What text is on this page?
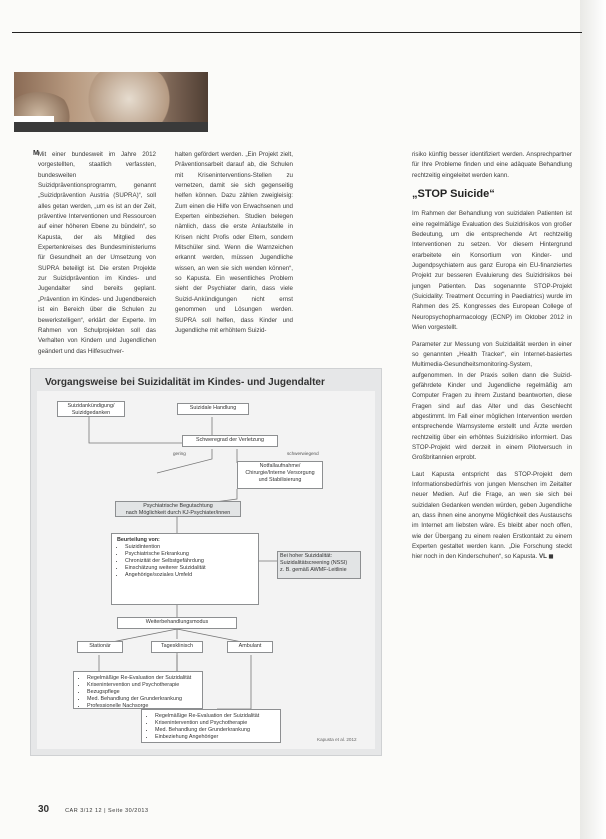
M Mit einer bundesweit im Jahre 2012 vorgestellten, staatlich verfassten, bundesweiten Suizidpräventionsprogramm, genannt „Suizidprävention Austria (SUPRA)“, soll alles getan werden, „um es ist an der Zeit, präventive Interventionen und Ressourcen auf einer höheren Ebene zu bündeln“, so Kapusta, der als Mitglied des Expertenkreises des Bundesministeriums für Gesundheit an der Umsetzung von SUPRA beteiligt ist. Die ersten Projekte zur Suizidprävention im Kindes- und Jugendalter sind bereits geplant. „Prävention im Kindes- und Jugendbereich ist ein Bereich über die Schulen zu bewerkstelligen“, erklärt der Experte. Im Rahmen von Schulprojekten soll das Verhalten von Kindern und Jugendlichen geändert und das Hilfesuchver-

halten gefördert werden. „Ein Projekt zielt, Präventionsarbeit darauf ab, die Schulen mit Kriseninterventions-Stellen zu vernetzen, damit sie sich gegenseitig helfen können. Dazu zählen zweigleisig: Zum einen die Hilfe von Erwachsenen und Experten einbeziehen. Studien belegen nämlich, dass die erste Anlaufstelle in Krisen nicht Profis oder Eltern, sondern Mitschüler sind. Wenn die Warnzeichen erkannt werden, müssen Jugendliche wissen, an wen sie sich wenden können“, so Kapusta. Ein wesentliches Problem sieht der Psychiater darin, dass viele Suizid-Ankündigungen nicht ernst genommen und Lösungen werden. SUPRA soll helfen, dass Kinder und Jugendliche mit erhöhtem Suizid-

risiko künftig besser identifiziert werden. Ansprechpartner für Ihre Probleme finden und eine adäquate Behandlung rechtzeitig eingeleitet werden kann.

„STOP Suicide“

Im Rahmen der Behandlung von suizidalen Patienten ist eine regelmäßige Evaluation des Suizidrisikos von großer Bedeutung, um die entsprechende Art rechtzeitig Interventionen zu setzen. Vor diesem Hintergrund erarbeitete ein Konsortium von Kinder- und Jugendpsychiatern aus ganz Europa ein EU-finanziertes Projekt zur besseren Evaluierung des Suizidrisikos bei jungen Patienten. Das sogenannte STOP-Projekt (Suicidality: Treatment Occurring in Paediatrics) wurde im Rahmen des 25. Kongresses des European College of Neuropsychopharmacology (ECNP) im Oktober 2012 in Wien vorgestellt.

Parameter zur Messung von Suizidalität werden in einer so genannten „Health Tracker“, ein Internet-basiertes Multimedia-Gesundheitsmonitoring-System, aufgenommen. In der Praxis sollen dann die Suizid-gefährdete Kinder und Jugendliche regelmäßig am Computer Fragen zu ihrem Zustand beantworten, diese Fragen sind auf das Alter und das Geschlecht abgestimmt. Im Fall einer möglichen Intervention werden entsprechende Warnsysteme erstellt und Ärzte werden rechtzeitig über ein erhöhtes Suizidrisiko informiert. Das STOP-Projekt wird derzeit in einem Pilotversuch in Großbritannien erprobt.

Laut Kapusta entspricht das STOP-Projekt dem Informationsbedürfnis von jungen Menschen im Zeitalter neuer Medien. Auf die Frage, an wen sie sich bei suizidalen Gedanken wenden würden, geben Jugendliche an, dass ihnen eine anonyme Möglichkeit des Austauschs im Internet am liebsten wäre. Es bleibt aber noch offen, wie der Übergang zu einem realen Erstkontakt zu einem Experten gestaltet werden kann. „Die Forschung steckt hier noch in den Kinderschuhen“, so Kapusta. VL ◼

Vorgangsweise bei Suizidalität im Kindes- und Jugendalter
Suizidankündigung/
Suizidgedanken
Suizidale Handlung
Schweregrad der Verletzung
gering	schwerwiegend
Notfallaufnahme/
Chirurgie/Interne Versorgung
und Stabilisierung
Psychiatrische Begutachtung
nach Möglichkeit durch KJ-Psychiater/innen
Beurteilung von:
• Suizidintention
• Psychiatrische Erkrankung
• Chronizität der Selbstgefährdung
• Einschätzung weiterer Suizidalität
• Angehörige/soziales Umfeld
Bei hoher Suizidalität:
Suizidalitätscreening (NSSI)
z. B. gemäß AWMF-Leitlinie
Weiterbehandlungsmodus
Stationär	Tagesklinisch	Ambulant
• Regelmäßige Re-Evaluation der Suizidalität
• Krisenintervention und Psychotherapie
• Bezugspflege
• Med. Behandlung der Grunderkrankung
• Professionelle Nachsorge
• Regelmäßige Re-Evaluation der Suizidalität
• Krisenintervention und Psychotherapie
• Med. Behandlung der Grunderkrankung
• Einbeziehung Angehöriger	Kapusta et al. 2012
30	CAR 3/12 12 | Seite 30/2013
